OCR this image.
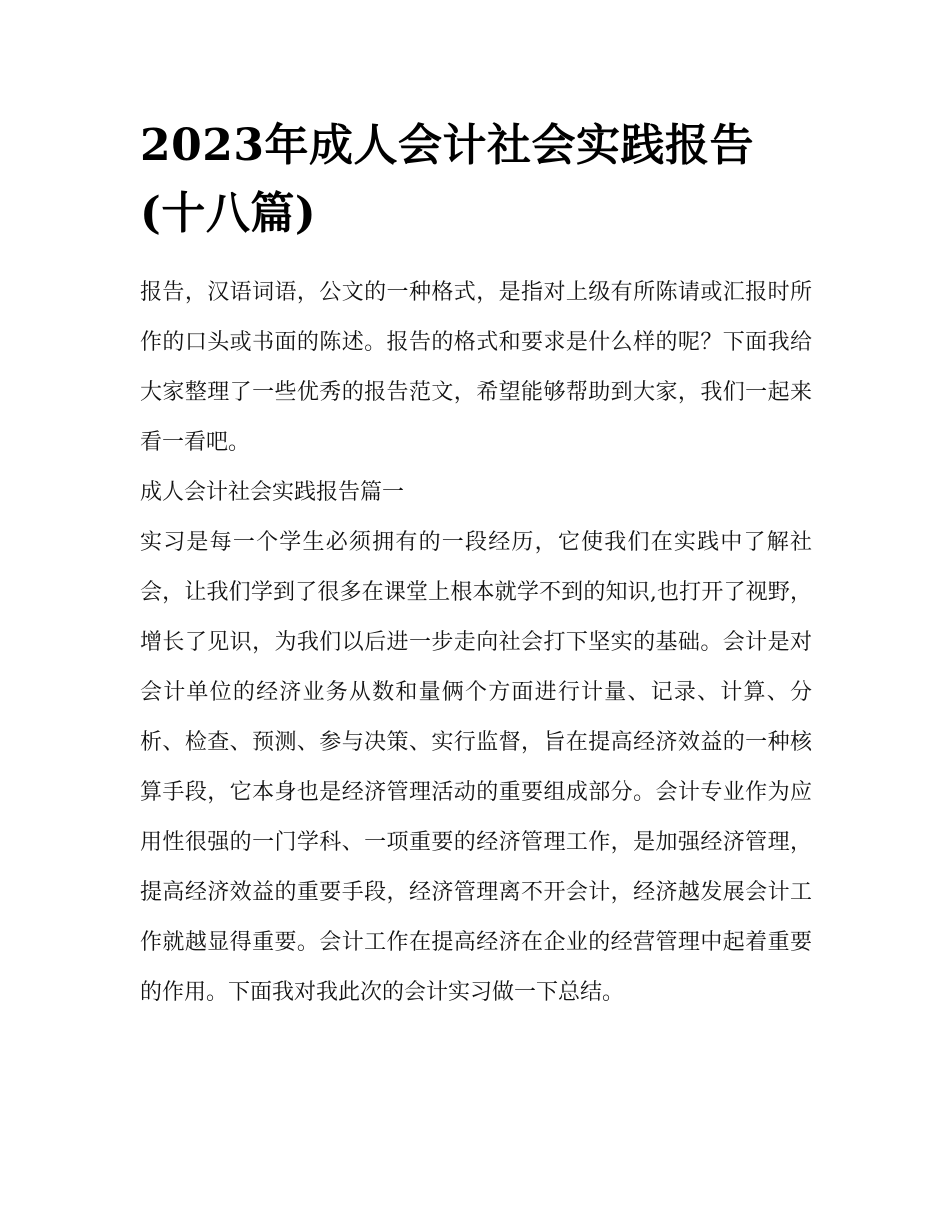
2023年成人会计社会实践报告
(十八篇)

报告，汉语词语，公文的一种格式，是指对上级有所陈请或汇报时所作的口头或书面的陈述。报告的格式和要求是什么样的呢？下面我给大家整理了一些优秀的报告范文，希望能够帮助到大家，我们一起来看一看吧。

成人会计社会实践报告篇一

实习是每一个学生必须拥有的一段经历，它使我们在实践中了解社会，让我们学到了很多在课堂上根本就学不到的知识,也打开了视野，增长了见识，为我们以后进一步走向社会打下坚实的基础。会计是对会计单位的经济业务从数和量俩个方面进行计量、记录、计算、分析、检查、预测、参与决策、实行监督，旨在提高经济效益的一种核算手段，它本身也是经济管理活动的重要组成部分。会计专业作为应用性很强的一门学科、一项重要的经济管理工作，是加强经济管理，提高经济效益的重要手段，经济管理离不开会计，经济越发展会计工作就越显得重要。会计工作在提高经济在企业的经营管理中起着重要的作用。下面我对我此次的会计实习做一下总结。
